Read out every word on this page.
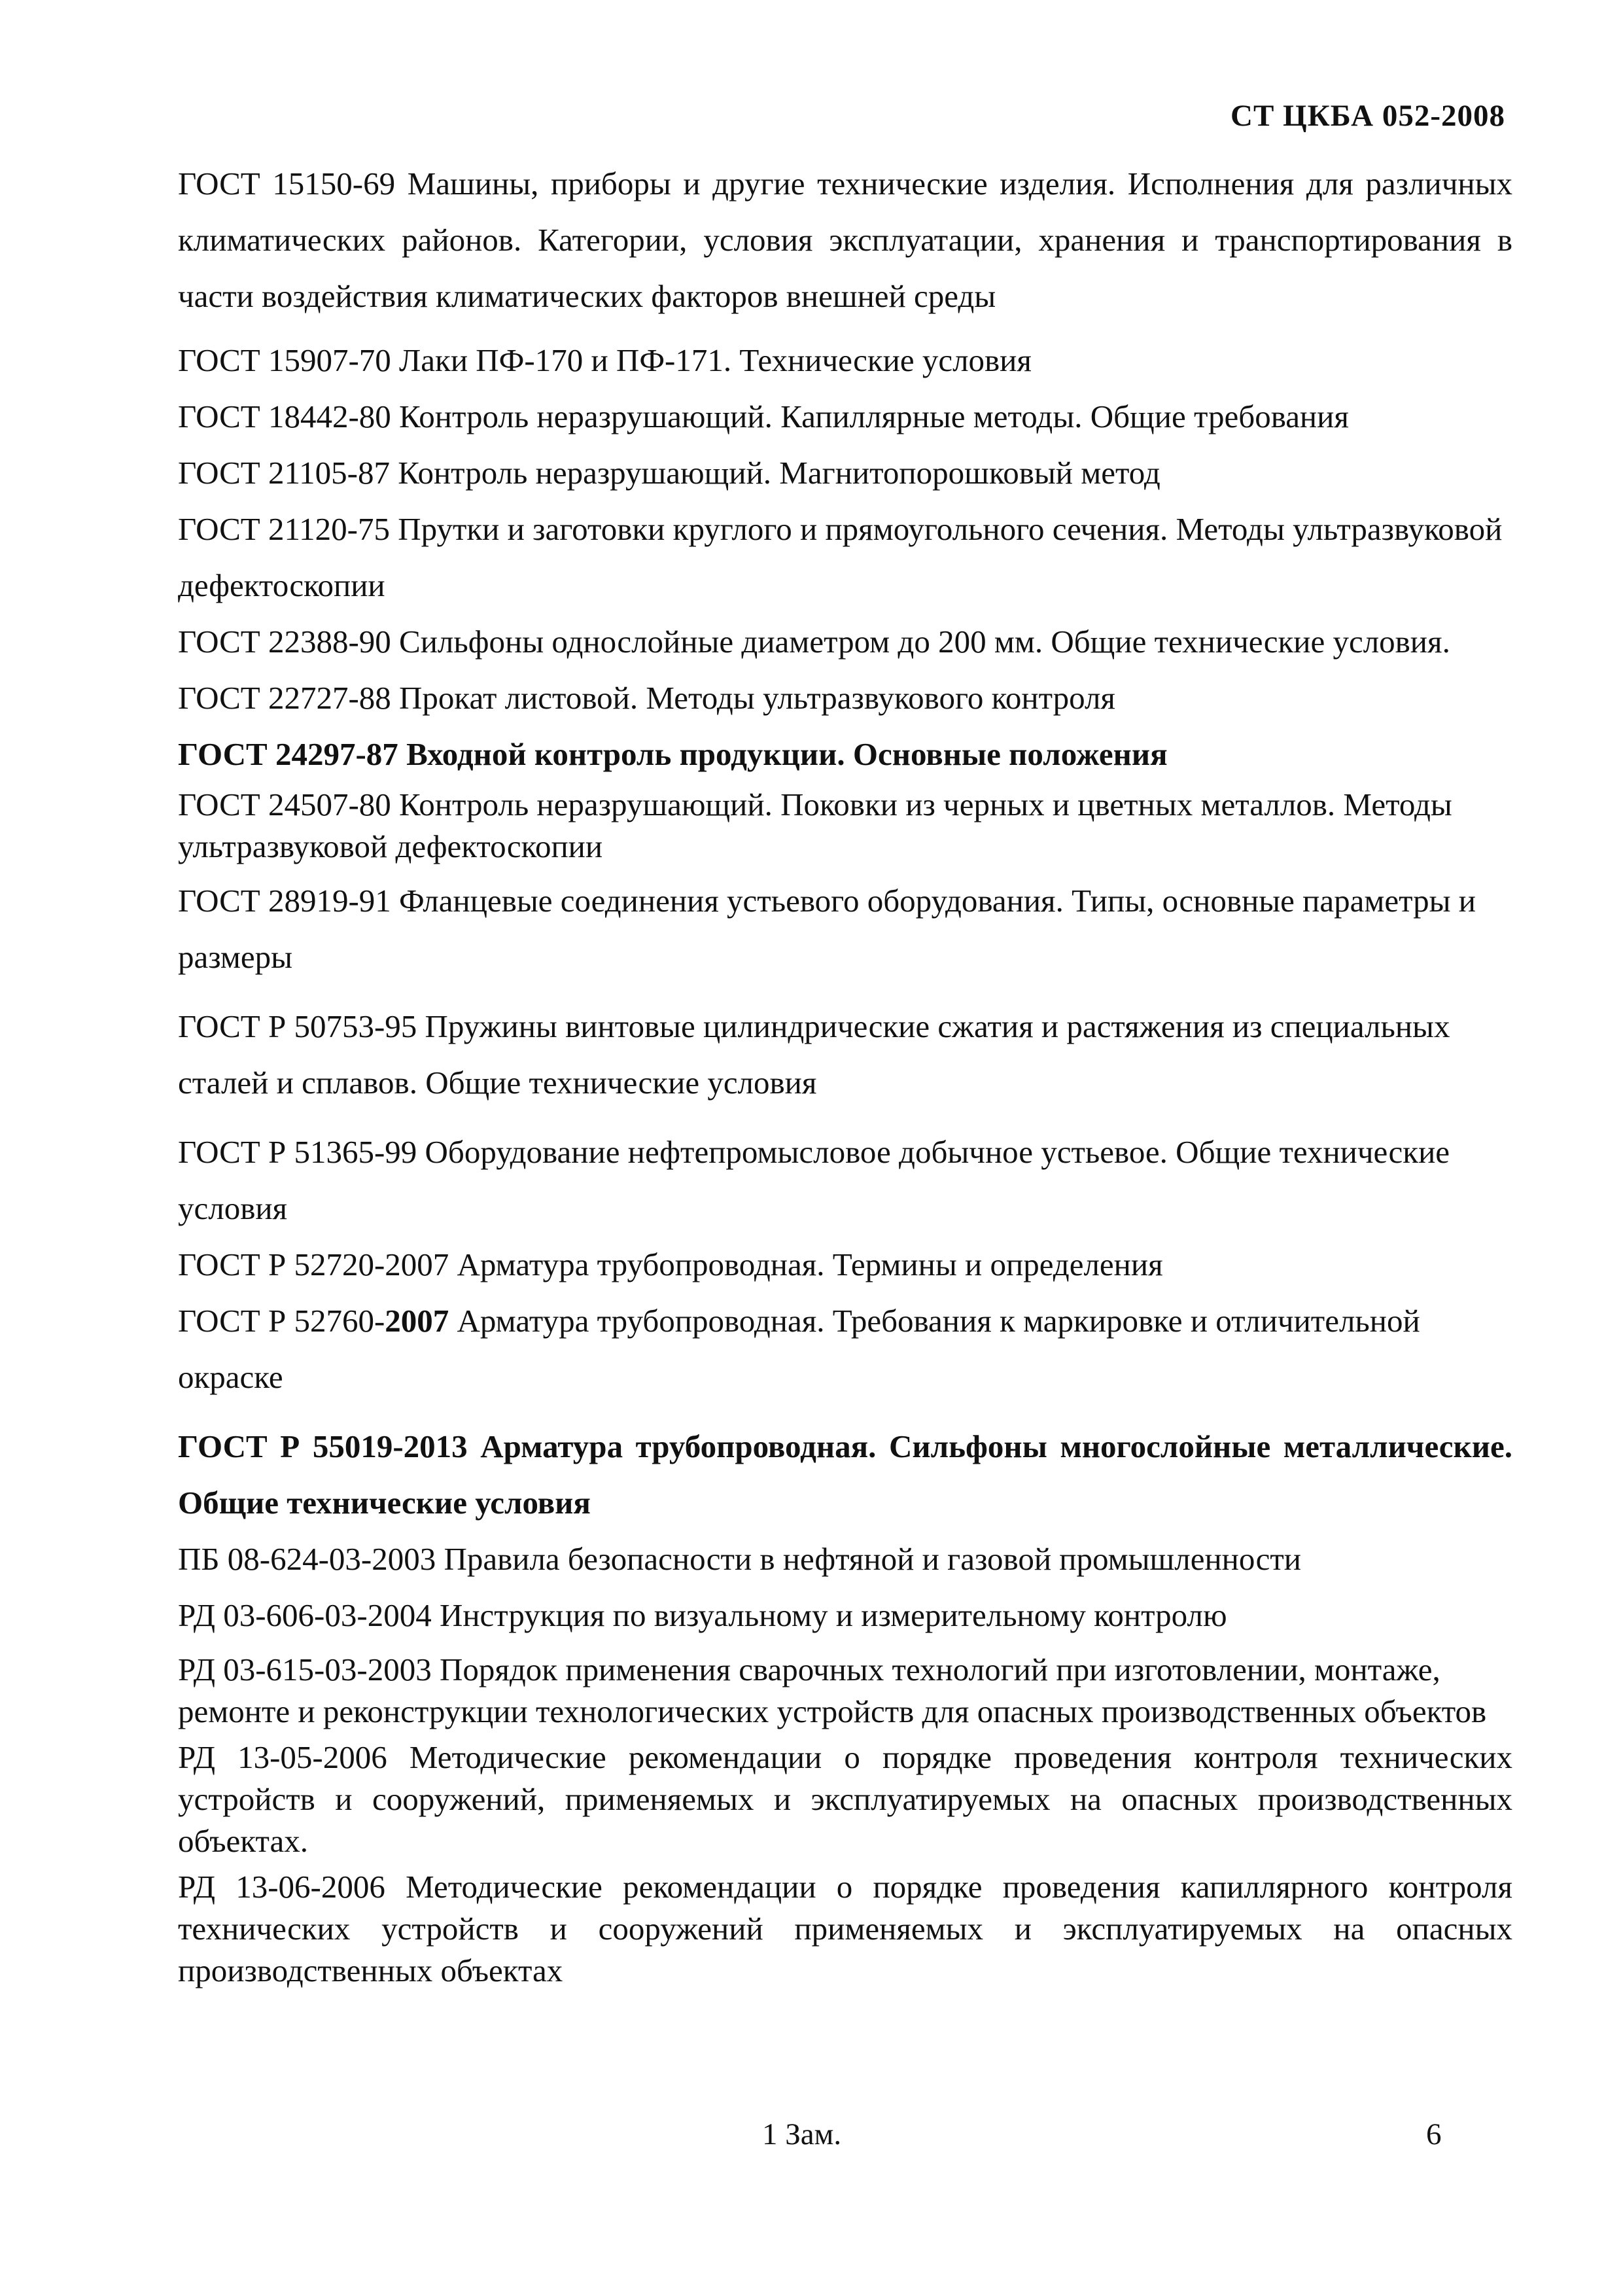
СТ ЦКБА 052-2008

ГОСТ 15150-69 Машины, приборы и другие технические изделия. Исполнения для различных климатических районов. Категории, условия эксплуатации, хранения и транспортирования в части воздействия климатических факторов внешней среды

ГОСТ 15907-70 Лаки ПФ-170 и ПФ-171. Технические условия

ГОСТ 18442-80 Контроль неразрушающий. Капиллярные методы. Общие требования

ГОСТ 21105-87 Контроль неразрушающий. Магнитопорошковый метод

ГОСТ 21120-75 Прутки и заготовки круглого и прямоугольного сечения. Методы ультразвуковой дефектоскопии

ГОСТ 22388-90 Сильфоны однослойные диаметром до 200 мм. Общие технические условия.

ГОСТ 22727-88 Прокат листовой. Методы ультразвукового контроля

ГОСТ 24297-87 Входной контроль продукции. Основные положения

ГОСТ 24507-80 Контроль неразрушающий. Поковки из черных и цветных металлов. Методы ультразвуковой дефектоскопии

ГОСТ 28919-91 Фланцевые соединения устьевого оборудования. Типы, основные параметры и размеры

ГОСТ Р 50753-95 Пружины винтовые цилиндрические сжатия и растяжения из специальных сталей и сплавов. Общие технические условия

ГОСТ Р 51365-99 Оборудование нефтепромысловое добычное устьевое. Общие технические условия

ГОСТ Р 52720-2007 Арматура трубопроводная. Термины и определения

ГОСТ Р 52760-2007 Арматура трубопроводная. Требования к маркировке и отличительной окраске

ГОСТ Р 55019-2013 Арматура трубопроводная. Сильфоны многослойные металлические. Общие технические условия

ПБ 08-624-03-2003 Правила безопасности в нефтяной и газовой промышленности

РД 03-606-03-2004 Инструкция по визуальному и измерительному контролю

РД 03-615-03-2003 Порядок применения сварочных технологий при изготовлении, монтаже, ремонте и реконструкции технологических устройств для опасных производственных объектов

РД 13-05-2006 Методические рекомендации о порядке проведения контроля технических устройств и сооружений, применяемых и эксплуатируемых на опасных производственных объектах.

РД 13-06-2006 Методические рекомендации о порядке проведения капиллярного контроля технических устройств и сооружений применяемых и эксплуатируемых на опасных производственных объектах

1 Зам.	6
